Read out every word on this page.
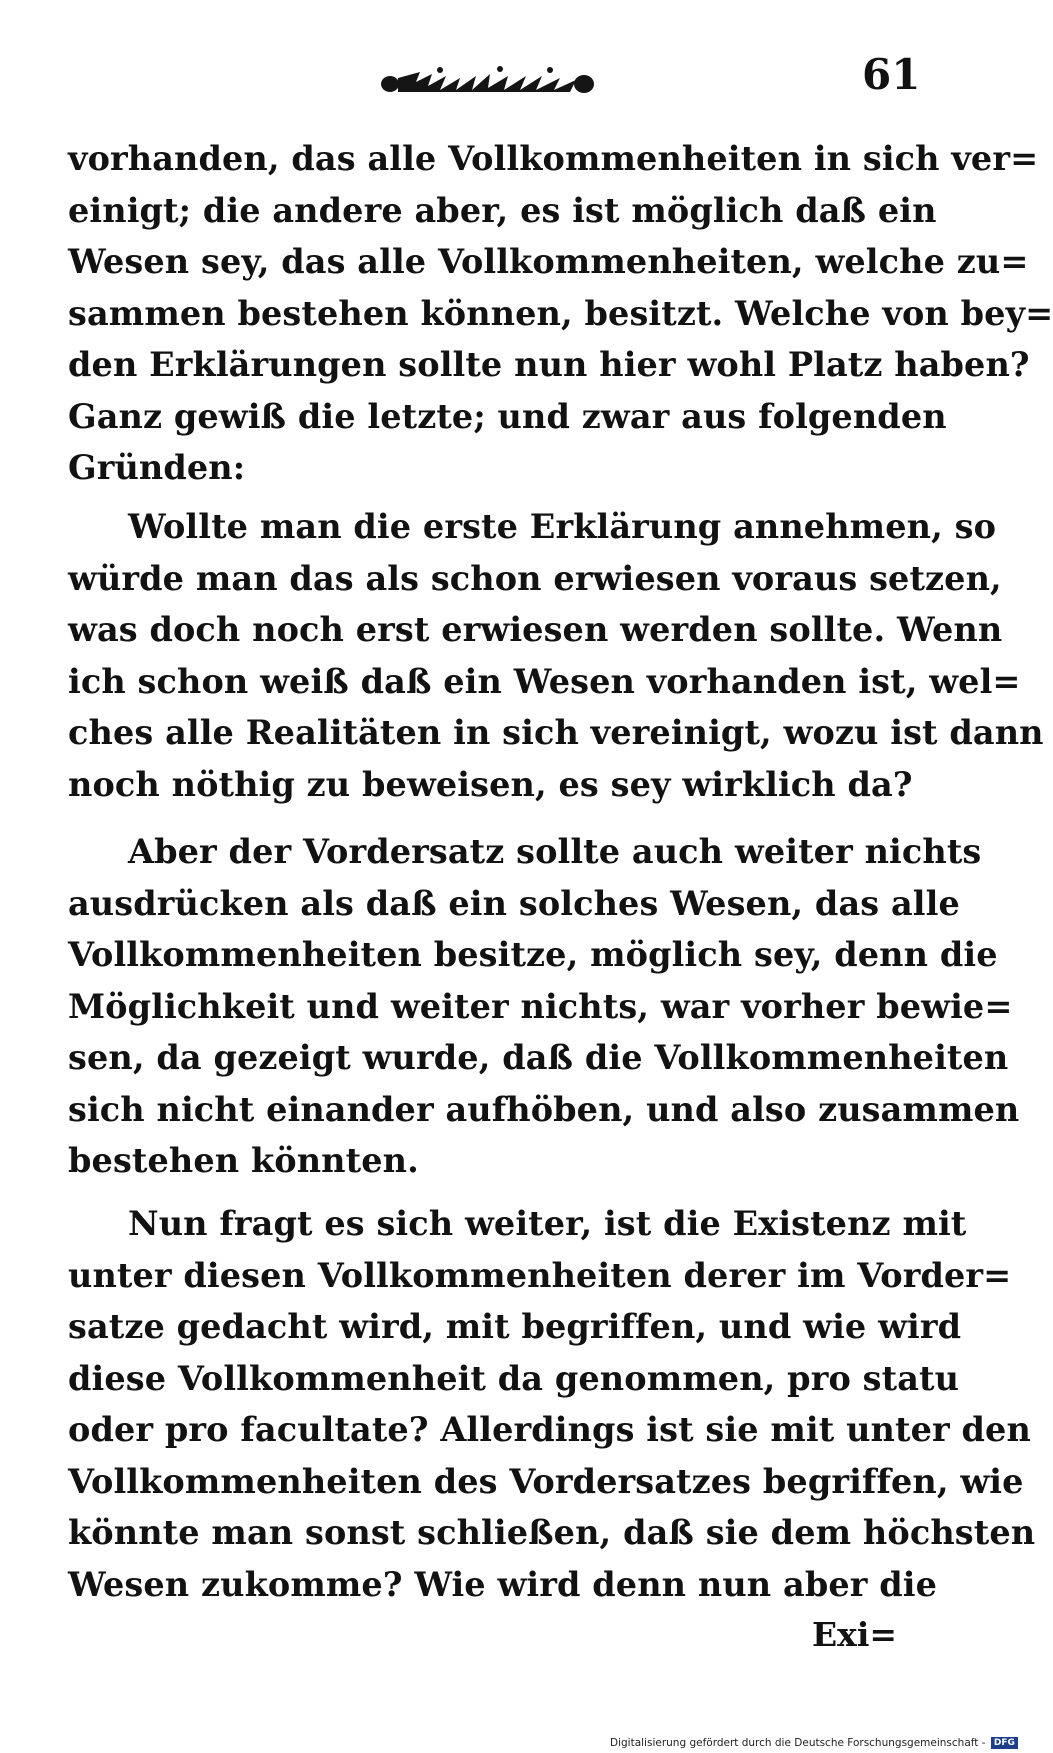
61
vorhanden, das alle Vollkommenheiten in sich ver=
einigt; die andere aber, es ist möglich daß ein
Wesen sey, das alle Vollkommenheiten, welche zu=
sammen bestehen können, besitzt. Welche von bey=
den Erklärungen sollte nun hier wohl Platz haben?
Ganz gewiß die letzte; und zwar aus folgenden
Gründen:
Wollte man die erste Erklärung annehmen, so
würde man das als schon erwiesen voraus setzen,
was doch noch erst erwiesen werden sollte. Wenn
ich schon weiß daß ein Wesen vorhanden ist, wel=
ches alle Realitäten in sich vereinigt, wozu ist dann
noch nöthig zu beweisen, es sey wirklich da?
Aber der Vordersatz sollte auch weiter nichts
ausdrücken als daß ein solches Wesen, das alle
Vollkommenheiten besitze, möglich sey, denn die
Möglichkeit und weiter nichts, war vorher bewie=
sen, da gezeigt wurde, daß die Vollkommenheiten
sich nicht einander aufhöben, und also zusammen
bestehen könnten.
Nun fragt es sich weiter, ist die Existenz mit
unter diesen Vollkommenheiten derer im Vorder=
satze gedacht wird, mit begriffen, und wie wird
diese Vollkommenheit da genommen, pro statu
oder pro facultate? Allerdings ist sie mit unter den
Vollkommenheiten des Vordersatzes begriffen, wie
könnte man sonst schließen, daß sie dem höchsten
Wesen zukomme? Wie wird denn nun aber die
Exi=
Digitalisierung gefördert durch die Deutsche Forschungsgemeinschaft - DFG
